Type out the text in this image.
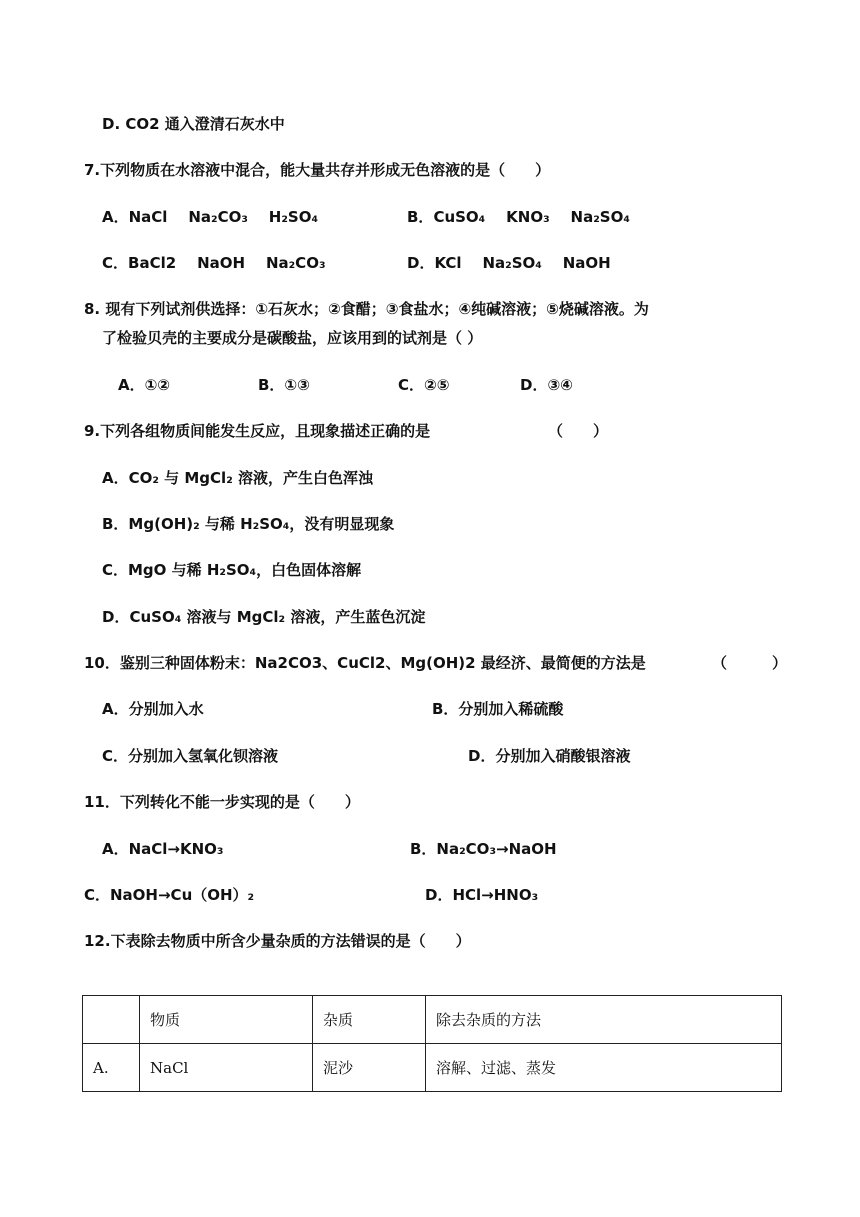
D. CO2 通入澄清石灰水中
7.下列物质在水溶液中混合，能大量共存并形成无色溶液的是（　　）
A．NaCl Na₂CO₃ H₂SO₄	B．CuSO₄ KNO₃ Na₂SO₄
C．BaCl2 NaOH Na₂CO₃	D．KCl Na₂SO₄ NaOH
8. 现有下列试剂供选择：①石灰水；②食醋；③食盐水；④纯碱溶液；⑤烧碱溶液。为
了检验贝壳的主要成分是碳酸盐，应该用到的试剂是（ ）
A．①②	B．①③	C．②⑤	D．③④
9.下列各组物质间能发生反应，且现象描述正确的是	（　　）
A．CO₂ 与 MgCl₂ 溶液，产生白色浑浊
B．Mg(OH)₂ 与稀 H₂SO₄，没有明显现象
C．MgO 与稀 H₂SO₄，白色固体溶解
D．CuSO₄ 溶液与 MgCl₂ 溶液，产生蓝色沉淀
10．鉴别三种固体粉末：Na2CO3、CuCl2、Mg(OH)2 最经济、最简便的方法是	（　　　）
A．分别加入水	B．分别加入稀硫酸
C．分别加入氢氧化钡溶液	D．分别加入硝酸银溶液
11．下列转化不能一步实现的是（　　）
A．NaCl→KNO₃	B．Na₂CO₃→NaOH
C．NaOH→Cu（OH）₂	D．HCl→HNO₃
12.下表除去物质中所含少量杂质的方法错误的是（　　）
	物质	杂质	除去杂质的方法
A.	NaCl	泥沙	溶解、过滤、蒸发
